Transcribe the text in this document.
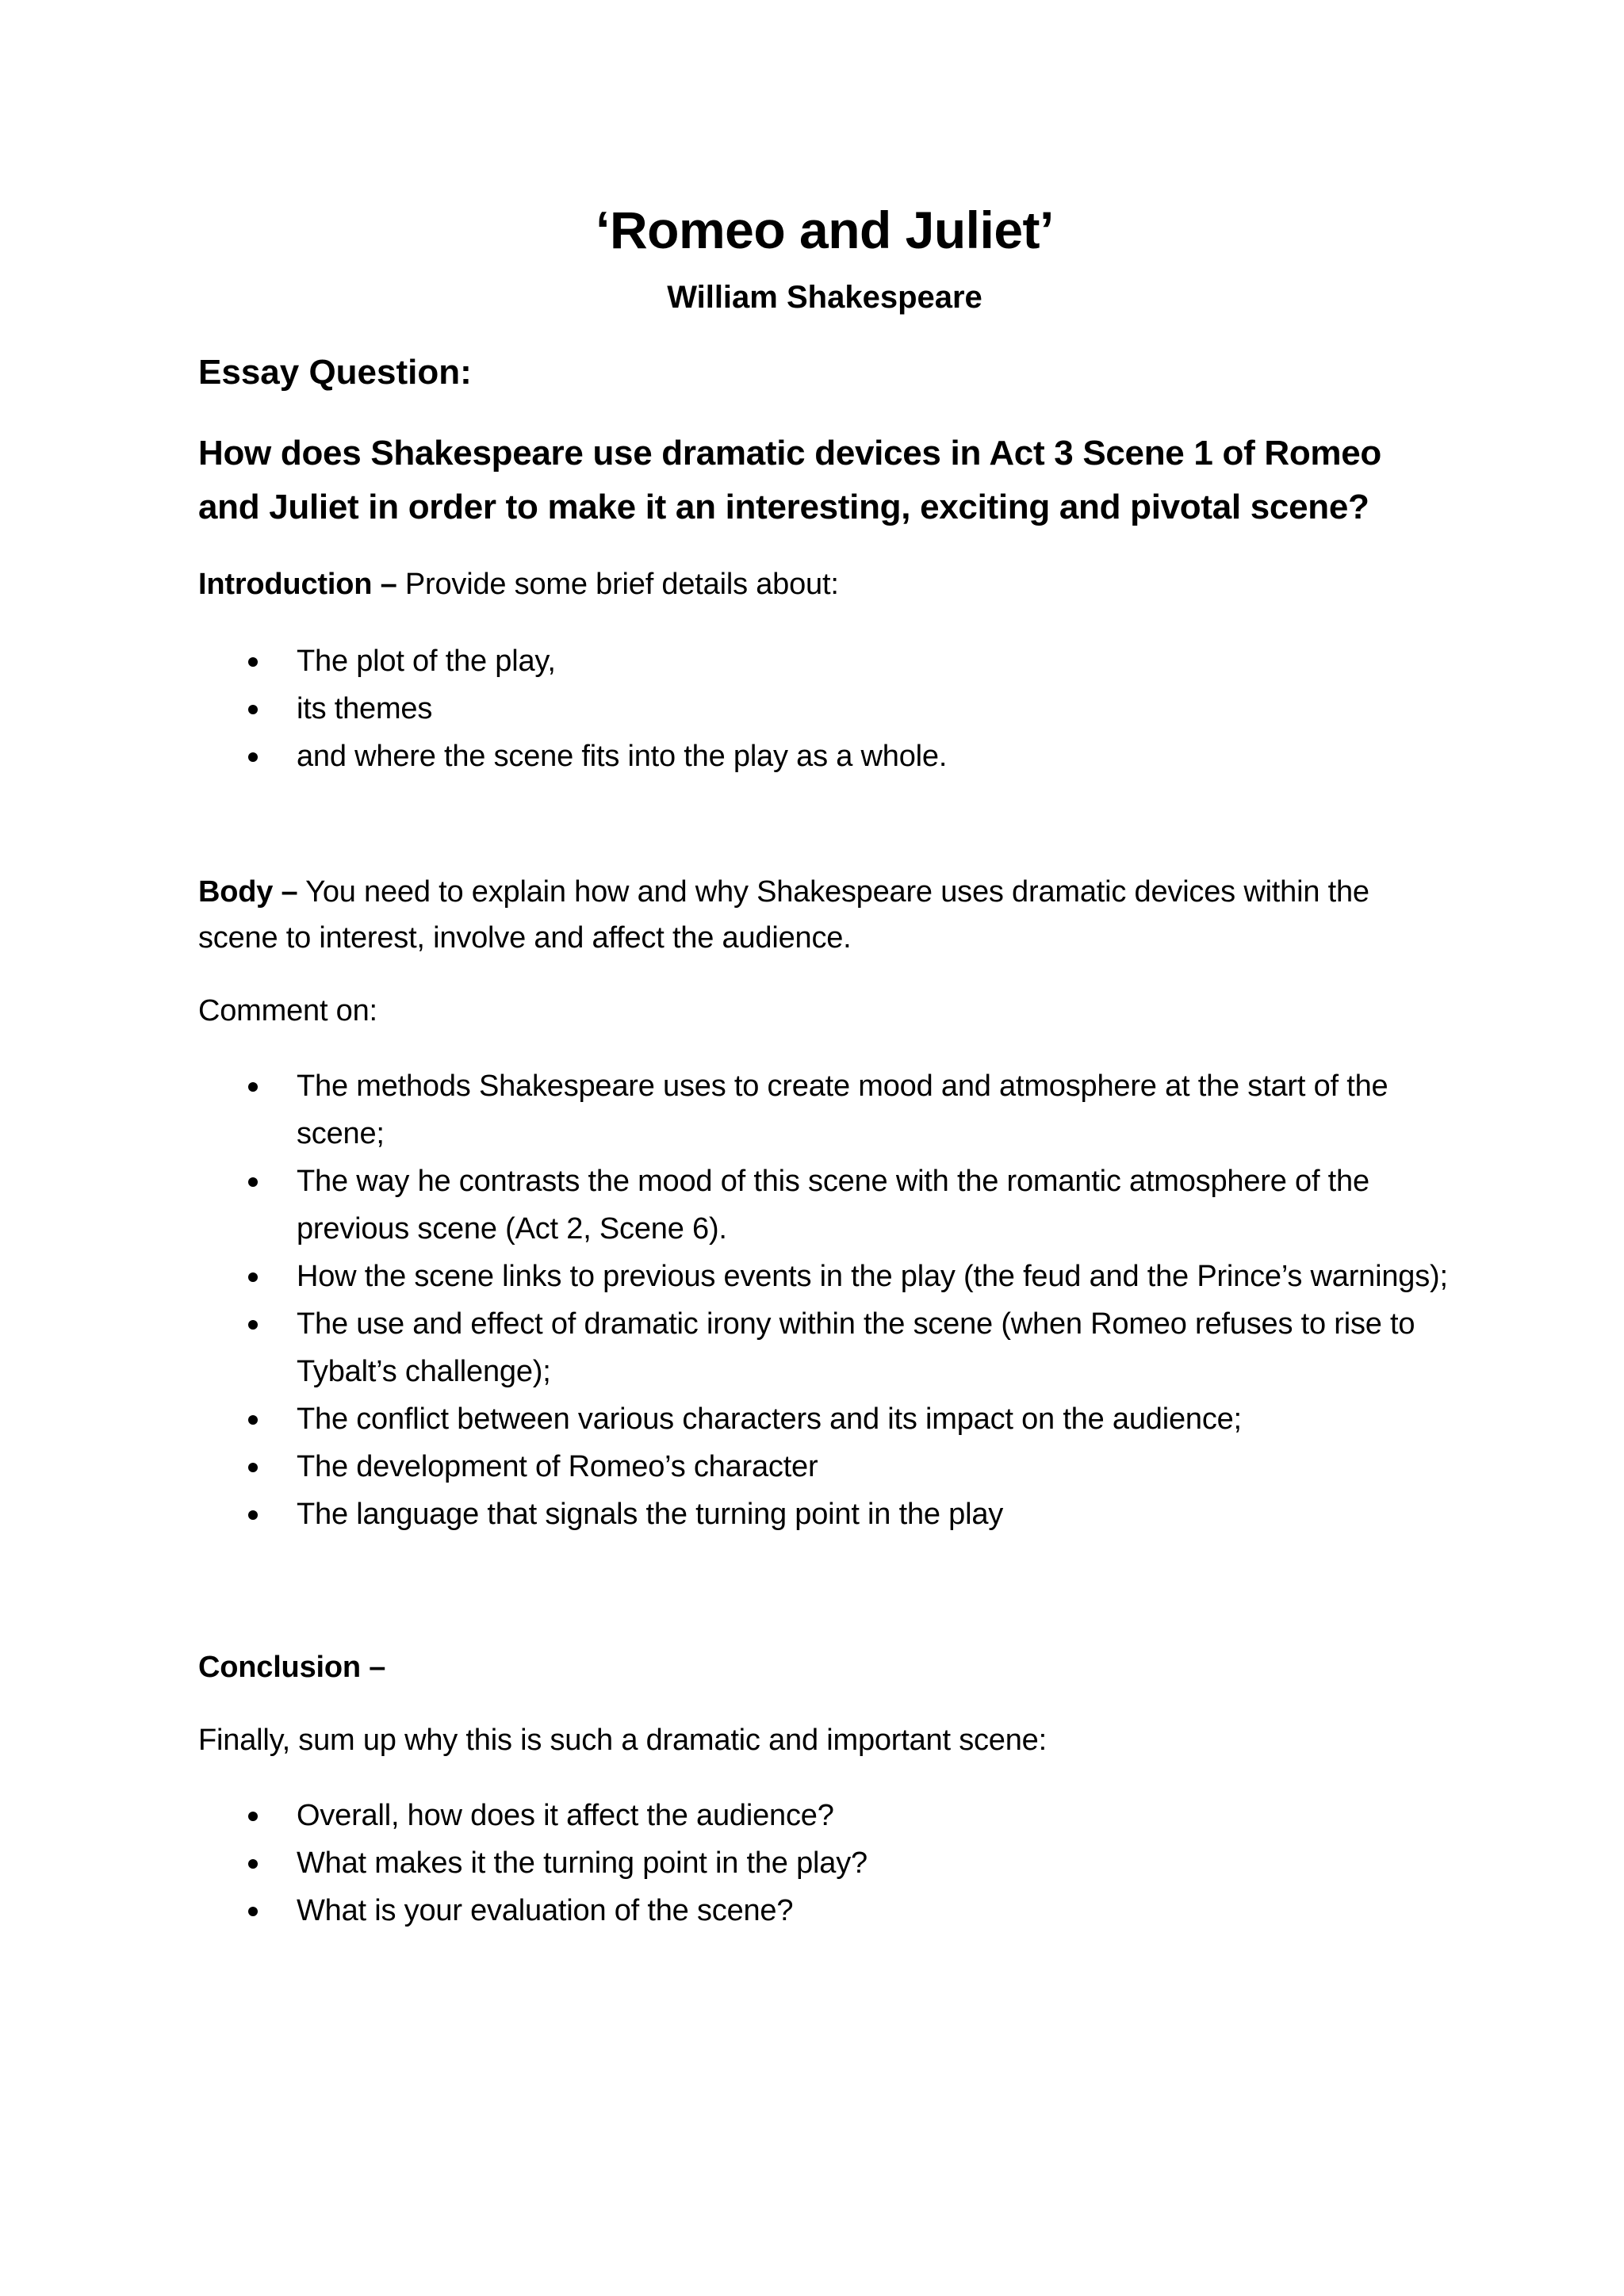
‘Romeo and Juliet’
William Shakespeare
Essay Question:
How does Shakespeare use dramatic devices in Act 3 Scene 1 of Romeo and Juliet in order to make it an interesting, exciting and pivotal scene?

Introduction – Provide some brief details about:

The plot of the play,
its themes
and where the scene fits into the play as a whole.

Body – You need to explain how and why Shakespeare uses dramatic devices within the scene to interest, involve and affect the audience.

Comment on:

The methods Shakespeare uses to create mood and atmosphere at the start of the scene;
The way he contrasts the mood of this scene with the romantic atmosphere of the previous scene (Act 2, Scene 6).
How the scene links to previous events in the play (the feud and the Prince’s warnings);
The use and effect of dramatic irony within the scene (when Romeo refuses to rise to Tybalt’s challenge);
The conflict between various characters and its impact on the audience;
The development of Romeo’s character
The language that signals the turning point in the play

Conclusion –

Finally, sum up why this is such a dramatic and important scene:

Overall, how does it affect the audience?
What makes it the turning point in the play?
What is your evaluation of the scene?
